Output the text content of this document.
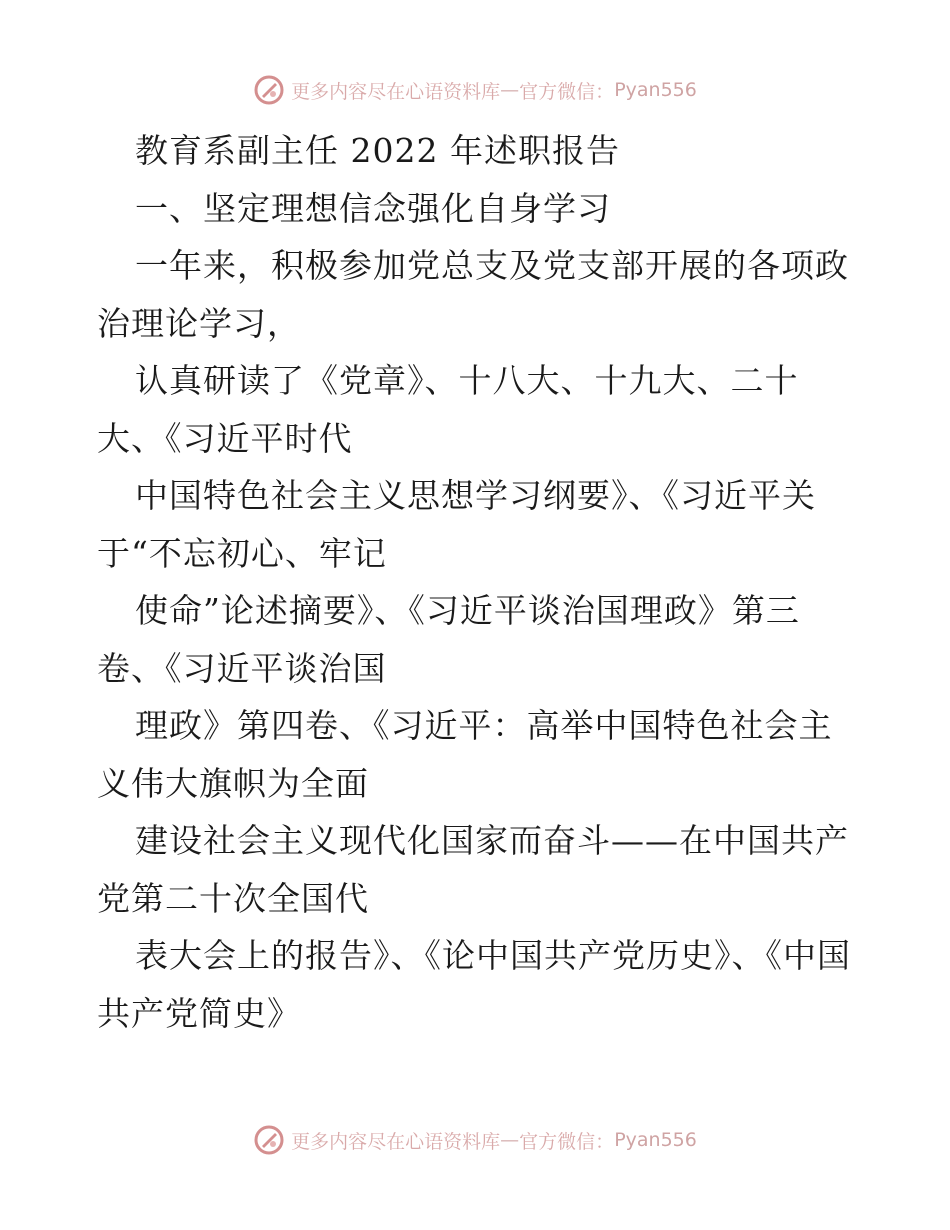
更多内容尽在心语资料库 — 官方微信： Pyan556

教育系副主任 2022 年述职报告

一、坚定理想信念强化自身学习

一年来，积极参加党总支及党支部开展的各项政治理论学习，

认真研读了《党章》、十八大、十九大、二十大、《习近平时代

中国特色社会主义思想学习纲要》、《习近平关于“不忘初心、牢记

使命”论述摘要》、《习近平谈治国理政》第三卷、《习近平谈治国

理政》第四卷、《习近平：高举中国特色社会主义伟大旗帜为全面

建设社会主义现代化国家而奋斗——在中国共产党第二十次全国代

表大会上的报告》、《论中国共产党历史》、《中国共产党简史》

更多内容尽在心语资料库 — 官方微信： Pyan556
